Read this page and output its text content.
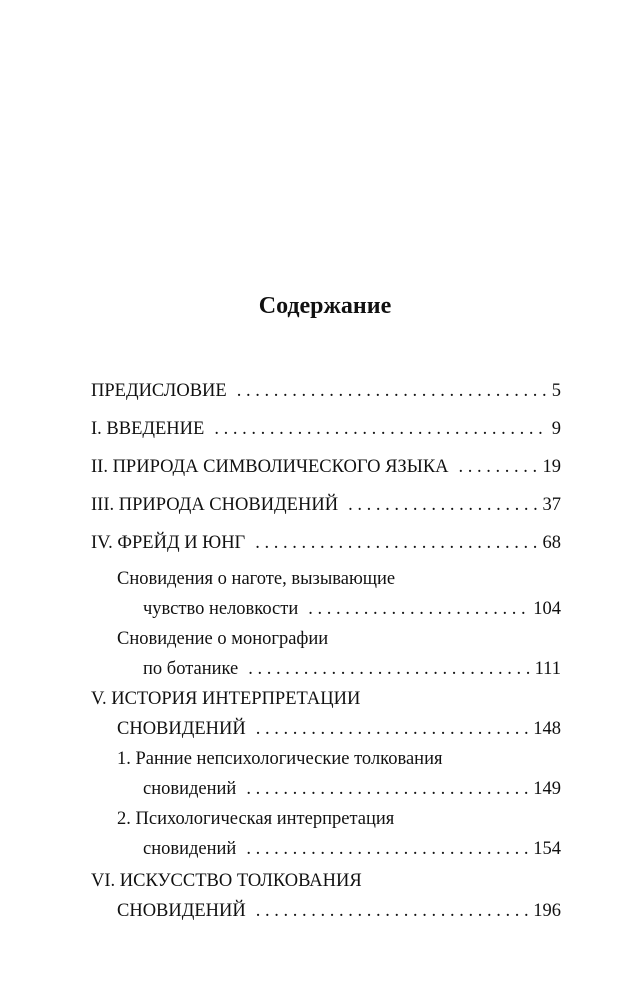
Содержание
ПРЕДИСЛОВИЕ . . .	5
I. ВВЕДЕНИЕ . . .	9
II. ПРИРОДА СИМВОЛИЧЕСКОГО ЯЗЫКА . . .	19
III. ПРИРОДА СНОВИДЕНИЙ . . .	37
IV. ФРЕЙД И ЮНГ . . .	68
Сновидения о наготе, вызывающие
чувство неловкости . . .	104
Сновидение о монографии
по ботанике . . .	111
V. ИСТОРИЯ ИНТЕРПРЕТАЦИИ
СНОВИДЕНИЙ . . .	148
1. Ранние непсихологические толкования
сновидений . . .	149
2. Психологическая интерпретация
сновидений . . .	154
VI. ИСКУССТВО ТОЛКОВАНИЯ
СНОВИДЕНИЙ . . .	196
